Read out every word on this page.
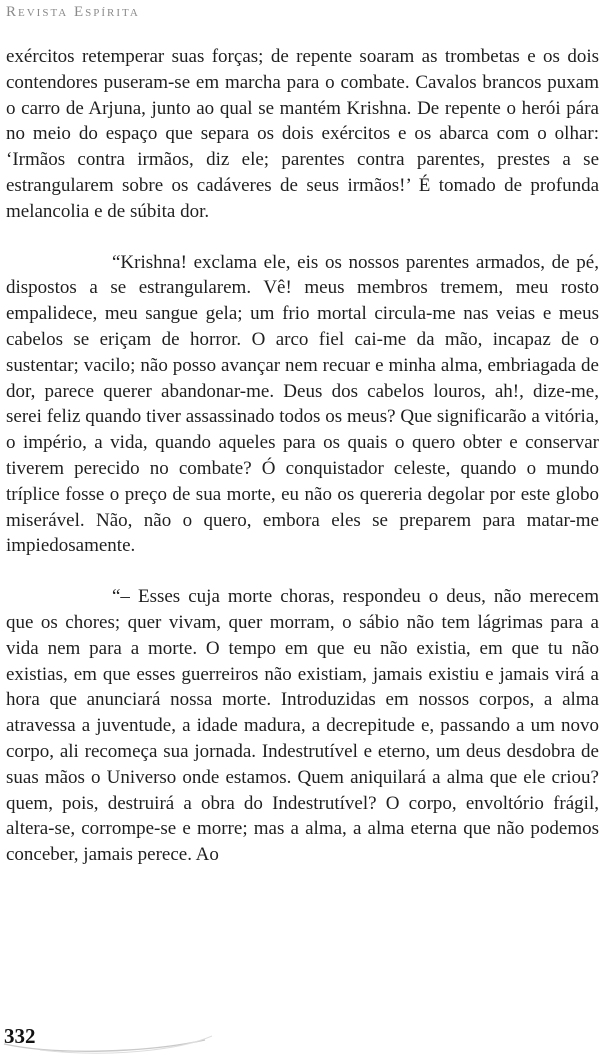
Revista Espírita

exércitos retemperar suas forças; de repente soaram as trombetas e os dois contendores puseram-se em marcha para o combate. Cavalos brancos puxam o carro de Arjuna, junto ao qual se mantém Krishna. De repente o herói pára no meio do espaço que separa os dois exércitos e os abarca com o olhar: ‘Irmãos contra irmãos, diz ele; parentes contra parentes, prestes a se estrangularem sobre os cadáveres de seus irmãos!’ É tomado de profunda melancolia e de súbita dor.

“Krishna! exclama ele, eis os nossos parentes armados, de pé, dispostos a se estrangularem. Vê! meus membros tremem, meu rosto empalidece, meu sangue gela; um frio mortal circula-me nas veias e meus cabelos se eriçam de horror. O arco fiel cai-me da mão, incapaz de o sustentar; vacilo; não posso avançar nem recuar e minha alma, embriagada de dor, parece querer abandonar-me. Deus dos cabelos louros, ah!, dize-me, serei feliz quando tiver assassinado todos os meus? Que significarão a vitória, o império, a vida, quando aqueles para os quais o quero obter e conservar tiverem perecido no combate? Ó conquistador celeste, quando o mundo tríplice fosse o preço de sua morte, eu não os quereria degolar por este globo miserável. Não, não o quero, embora eles se preparem para matar-me impiedosamente.

“– Esses cuja morte choras, respondeu o deus, não merecem que os chores; quer vivam, quer morram, o sábio não tem lágrimas para a vida nem para a morte. O tempo em que eu não existia, em que tu não existias, em que esses guerreiros não existiam, jamais existiu e jamais virá a hora que anunciará nossa morte. Introduzidas em nossos corpos, a alma atravessa a juventude, a idade madura, a decrepitude e, passando a um novo corpo, ali recomeça sua jornada. Indestrutível e eterno, um deus desdobra de suas mãos o Universo onde estamos. Quem aniquilará a alma que ele criou? quem, pois, destruirá a obra do Indestrutível? O corpo, envoltório frágil, altera-se, corrompe-se e morre; mas a alma, a alma eterna que não podemos conceber, jamais perece. Ao

332
